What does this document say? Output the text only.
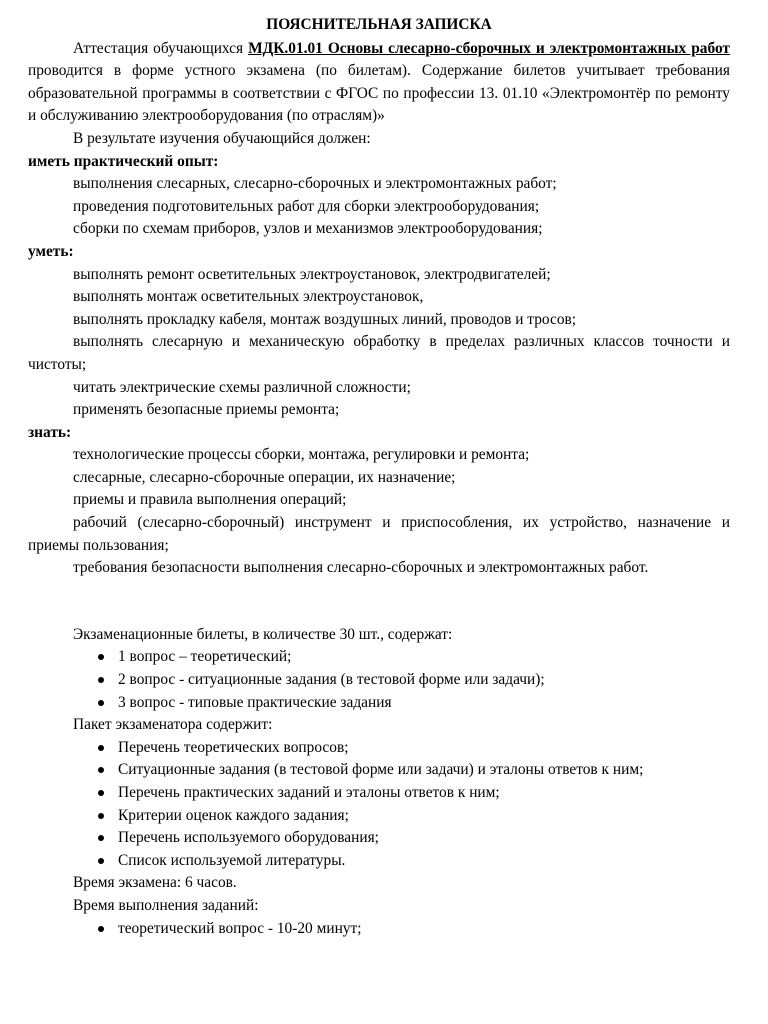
ПОЯСНИТЕЛЬНАЯ ЗАПИСКА
Аттестация обучающихся МДК.01.01 Основы слесарно-сборочных и электромонтажных работ проводится в форме устного экзамена (по билетам). Содержание билетов учитывает требования образовательной программы в соответствии с ФГОС по профессии 13. 01.10 «Электромонтёр по ремонту и обслуживанию электрооборудования (по отраслям)»
В результате изучения обучающийся должен:
иметь практический опыт:
выполнения слесарных, слесарно-сборочных и электромонтажных работ;
проведения подготовительных работ для сборки электрооборудования;
сборки по схемам приборов, узлов и механизмов электрооборудования;
уметь:
выполнять ремонт осветительных электроустановок, электродвигателей;
выполнять монтаж осветительных электроустановок,
выполнять прокладку кабеля, монтаж воздушных линий, проводов и тросов;
выполнять слесарную и механическую обработку в пределах различных классов точности и чистоты;
читать электрические схемы различной сложности;
применять безопасные приемы ремонта;
знать:
технологические процессы сборки, монтажа, регулировки и ремонта;
слесарные, слесарно-сборочные операции, их назначение;
приемы и правила выполнения операций;
рабочий (слесарно-сборочный) инструмент и приспособления, их устройство, назначение и приемы пользования;
требования безопасности выполнения слесарно-сборочных и электромонтажных работ.
Экзаменационные билеты, в количестве 30 шт., содержат:
1 вопрос – теоретический;
2 вопрос - ситуационные задания (в тестовой форме или задачи);
3 вопрос - типовые практические задания
Пакет экзаменатора содержит:
Перечень теоретических вопросов;
Ситуационные задания (в тестовой форме или задачи) и эталоны ответов к ним;
Перечень практических заданий и эталоны ответов к ним;
Критерии оценок каждого задания;
Перечень используемого оборудования;
Список используемой литературы.
Время экзамена: 6 часов.
Время выполнения заданий:
теоретический вопрос - 10-20 минут;
